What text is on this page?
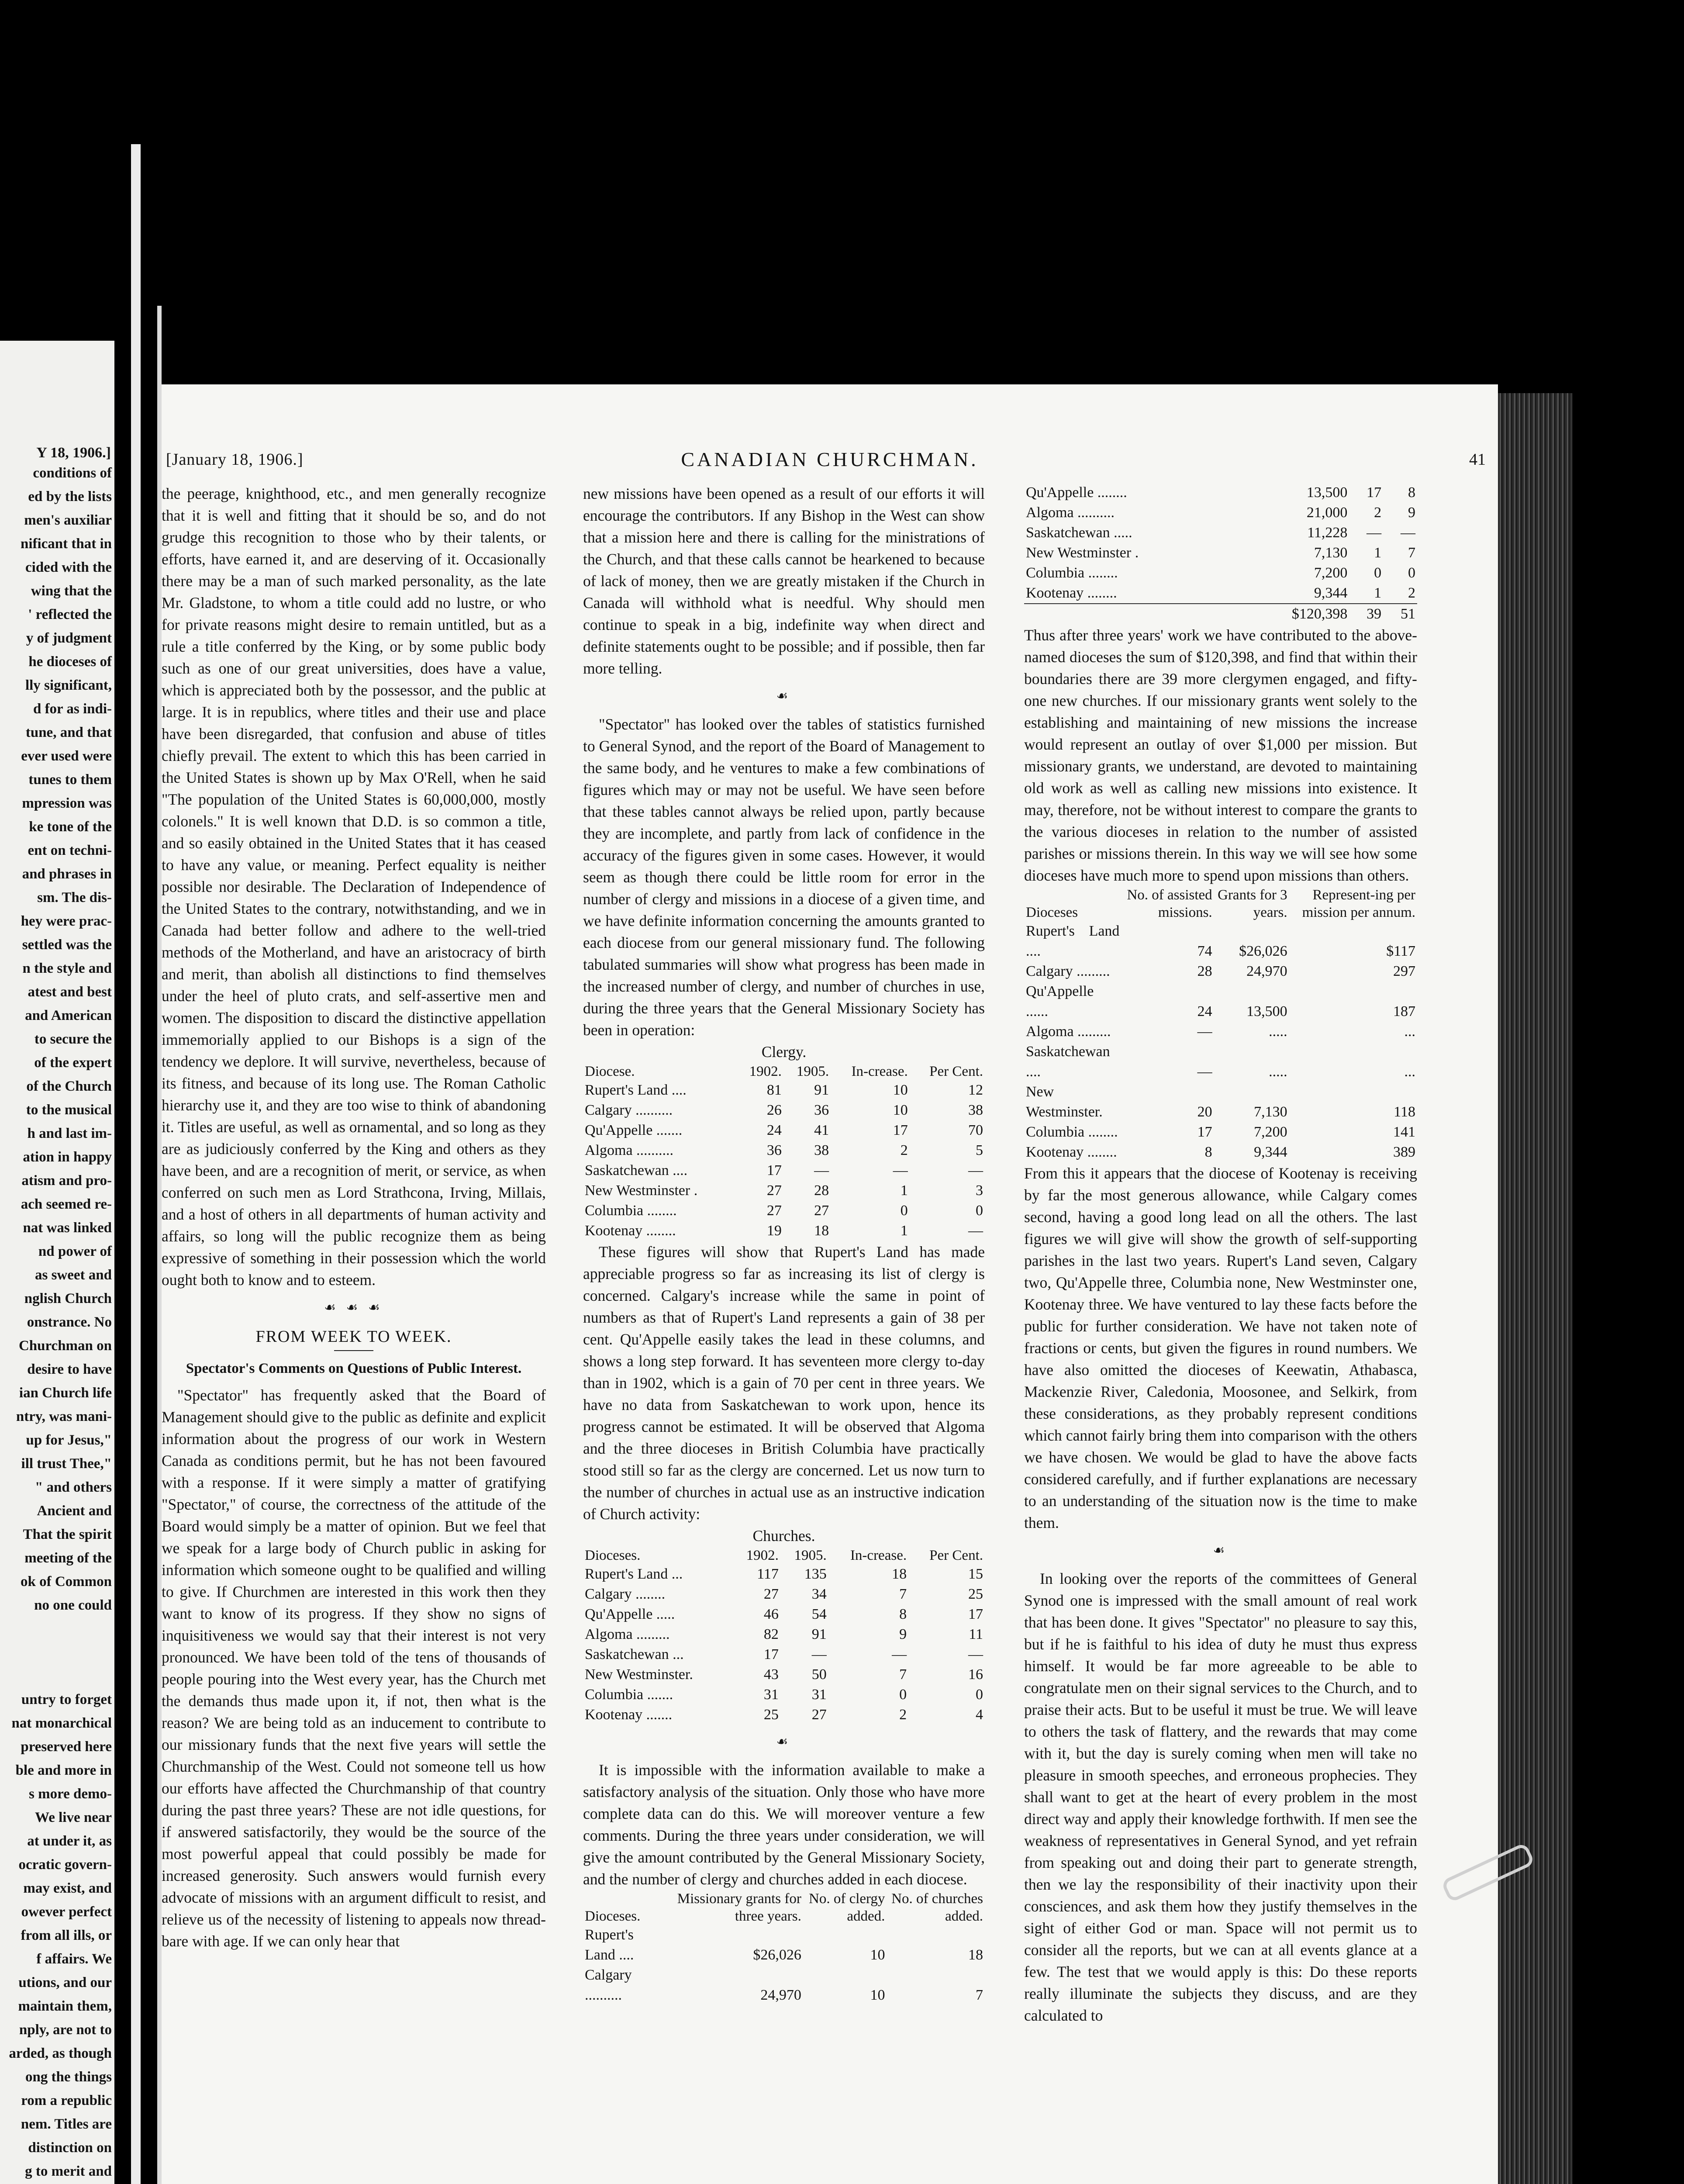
Y 18, 1906.]

conditions of

ed by the lists

men's auxiliar

nificant that in

cided with the

wing that the

' reflected the

y of judgment

he dioceses of

lly significant,

d for as indi-

tune, and that

ever used were

tunes to them

mpression was

ke tone of the

ent on techni-

and phrases in

sm. The dis-

hey were prac-

settled was the

n the style and

atest and best

and American

to secure the

of the expert

of the Church

to the musical

h and last im-

ation in happy

atism and pro-

ach seemed re-

nat was linked

nd power of

as sweet and

nglish Church

onstrance. No

Churchman on

desire to have

ian Church life

ntry, was mani-

up for Jesus,"

ill trust Thee,"

" and others

Ancient and

That the spirit

meeting of the

ok of Common

no one could

untry to forget

nat monarchical

preserved here

ble and more in

s more demo-

We live near

at under it, as

ocratic govern-

may exist, and

owever perfect

from all ills, or

f affairs. We

utions, and our

maintain them,

nply, are not to

arded, as though

ong the things

rom a republic

nem. Titles are

distinction on

g to merit and

[January 18, 1906.]	CANADIAN CHURCHMAN.	41

the peerage, knighthood, etc., and men generally recognize that it is well and fitting that it should be so, and do not grudge this recognition to those who by their talents, or efforts, have earned it, and are deserving of it. Occasionally there may be a man of such marked personality, as the late Mr. Gladstone, to whom a title could add no lustre, or who for private reasons might desire to remain untitled, but as a rule a title conferred by the King, or by some public body such as one of our great universities, does have a value, which is appreciated both by the possessor, and the public at large. It is in republics, where titles and their use and place have been disregarded, that confusion and abuse of titles chiefly prevail. The extent to which this has been carried in the United States is shown up by Max O'Rell, when he said "The population of the United States is 60,000,000, mostly colonels." It is well known that D.D. is so common a title, and so easily obtained in the United States that it has ceased to have any value, or meaning. Perfect equality is neither possible nor desirable. The Declaration of Independence of the United States to the contrary, notwithstanding, and we in Canada had better follow and adhere to the well-tried methods of the Motherland, and have an aristocracy of birth and merit, than abolish all distinctions to find themselves under the heel of pluto crats, and self-assertive men and women. The disposition to discard the distinctive appellation immemorially applied to our Bishops is a sign of the tendency we deplore. It will survive, nevertheless, because of its fitness, and because of its long use. The Roman Catholic hierarchy use it, and they are too wise to think of abandoning it. Titles are useful, as well as ornamental, and so long as they are as judiciously conferred by the King and others as they have been, and are a recognition of merit, or service, as when conferred on such men as Lord Strathcona, Irving, Millais, and a host of others in all departments of human activity and affairs, so long will the public recognize them as being expressive of something in their possession which the world ought both to know and to esteem.

☙ ☙ ☙

FROM WEEK TO WEEK.

Spectator's Comments on Questions of Public Interest.

"Spectator" has frequently asked that the Board of Management should give to the public as definite and explicit information about the progress of our work in Western Canada as conditions permit, but he has not been favoured with a response. If it were simply a matter of gratifying "Spectator," of course, the correctness of the attitude of the Board would simply be a matter of opinion. But we feel that we speak for a large body of Church public in asking for information which someone ought to be qualified and willing to give. If Churchmen are interested in this work then they want to know of its progress. If they show no signs of inquisitiveness we would say that their interest is not very pronounced. We have been told of the tens of thousands of people pouring into the West every year, has the Church met the demands thus made upon it, if not, then what is the reason? We are being told as an inducement to contribute to our missionary funds that the next five years will settle the Churchmanship of the West. Could not someone tell us how our efforts have affected the Churchmanship of that country during the past three years? These are not idle questions, for if answered satisfactorily, they would be the source of the most powerful appeal that could possibly be made for increased generosity. Such answers would furnish every advocate of missions with an argument difficult to resist, and relieve us of the necessity of listening to appeals now thread-bare with age. If we can only hear that

new missions have been opened as a result of our efforts it will encourage the contributors. If any Bishop in the West can show that a mission here and there is calling for the ministrations of the Church, and that these calls cannot be hearkened to because of lack of money, then we are greatly mistaken if the Church in Canada will withhold what is needful. Why should men continue to speak in a big, indefinite way when direct and definite statements ought to be possible; and if possible, then far more telling.

☙

"Spectator" has looked over the tables of statistics furnished to General Synod, and the report of the Board of Management to the same body, and he ventures to make a few combinations of figures which may or may not be useful. We have seen before that these tables cannot always be relied upon, partly because they are incomplete, and partly from lack of confidence in the accuracy of the figures given in some cases. However, it would seem as though there could be little room for error in the number of clergy and missions in a diocese of a given time, and we have definite information concerning the amounts granted to each diocese from our general missionary fund. The following tabulated summaries will show what progress has been made in the increased number of clergy, and number of churches in use, during the three years that the General Missionary Society has been in operation:

Clergy.

Diocese.	1902.	1905.	In-crease.	Per Cent.
Rupert's Land ....	81	91	10	12
Calgary ..........	26	36	10	38
Qu'Appelle .......	24	41	17	70
Algoma ..........	36	38	2	5
Saskatchewan ....	17	—	—	—
New Westminster .	27	28	1	3
Columbia ........	27	27	0	0
Kootenay ........	19	18	1	—

These figures will show that Rupert's Land has made appreciable progress so far as increasing its list of clergy is concerned. Calgary's increase while the same in point of numbers as that of Rupert's Land represents a gain of 38 per cent. Qu'Appelle easily takes the lead in these columns, and shows a long step forward. It has seventeen more clergy to-day than in 1902, which is a gain of 70 per cent in three years. We have no data from Saskatchewan to work upon, hence its progress cannot be estimated. It will be observed that Algoma and the three dioceses in British Columbia have practically stood still so far as the clergy are concerned. Let us now turn to the number of churches in actual use as an instructive indication of Church activity:

Churches.

Dioceses.	1902.	1905.	In-crease.	Per Cent.
Rupert's Land ...	117	135	18	15
Calgary ........	27	34	7	25
Qu'Appelle .....	46	54	8	17
Algoma .........	82	91	9	11
Saskatchewan ...	17	—	—	—
New Westminster.	43	50	7	16
Columbia .......	31	31	0	0
Kootenay .......	25	27	2	4

☙

It is impossible with the information available to make a satisfactory analysis of the situation. Only those who have more complete data can do this. We will moreover venture a few comments. During the three years under consideration, we will give the amount contributed by the General Missionary Society, and the number of clergy and churches added in each diocese.

Dioceses.	Missionary grants for three years.	No. of clergy added.	No. of churches added.
Rupert's Land ....	$26,026	10	18
Calgary ..........	24,970	10	7
Qu'Appelle ........	13,500	17	8
Algoma ..........	21,000	2	9
Saskatchewan .....	11,228	—	—
New Westminster .	7,130	1	7
Columbia ........	7,200	0	0
Kootenay ........	9,344	1	2
	$120,398	39	51

Thus after three years' work we have contributed to the above-named dioceses the sum of $120,398, and find that within their boundaries there are 39 more clergymen engaged, and fifty-one new churches. If our missionary grants went solely to the establishing and maintaining of new missions the increase would represent an outlay of over $1,000 per mission. But missionary grants, we understand, are devoted to maintaining old work as well as calling new missions into existence. It may, therefore, not be without interest to compare the grants to the various dioceses in relation to the number of assisted parishes or missions therein. In this way we will see how some dioceses have much more to spend upon missions than others.

Dioceses	No. of assisted missions.	Grants for 3 years.	Represent-ing per mission per annum.
Rupert's Land ....	74	$26,026	$117
Calgary .........	28	24,970	297
Qu'Appelle ......	24	13,500	187
Algoma .........	—	.....	...
Saskatchewan ....	—	.....	...
New Westminster.	20	7,130	118
Columbia ........	17	7,200	141
Kootenay ........	8	9,344	389

From this it appears that the diocese of Kootenay is receiving by far the most generous allowance, while Calgary comes second, having a good long lead on all the others. The last figures we will give will show the growth of self-supporting parishes in the last two years. Rupert's Land seven, Calgary two, Qu'Appelle three, Columbia none, New Westminster one, Kootenay three. We have ventured to lay these facts before the public for further consideration. We have not taken note of fractions or cents, but given the figures in round numbers. We have also omitted the dioceses of Keewatin, Athabasca, Mackenzie River, Caledonia, Moosonee, and Selkirk, from these considerations, as they probably represent conditions which cannot fairly bring them into comparison with the others we have chosen. We would be glad to have the above facts considered carefully, and if further explanations are necessary to an understanding of the situation now is the time to make them.

☙

In looking over the reports of the committees of General Synod one is impressed with the small amount of real work that has been done. It gives "Spectator" no pleasure to say this, but if he is faithful to his idea of duty he must thus express himself. It would be far more agreeable to be able to congratulate men on their signal services to the Church, and to praise their acts. But to be useful it must be true. We will leave to others the task of flattery, and the rewards that may come with it, but the day is surely coming when men will take no pleasure in smooth speeches, and erroneous prophecies. They shall want to get at the heart of every problem in the most direct way and apply their knowledge forthwith. If men see the weakness of representatives in General Synod, and yet refrain from speaking out and doing their part to generate strength, then we lay the responsibility of their inactivity upon their consciences, and ask them how they justify themselves in the sight of either God or man. Space will not permit us to consider all the reports, but we can at all events glance at a few. The test that we would apply is this: Do these reports really illuminate the subjects they discuss, and are they calculated to
